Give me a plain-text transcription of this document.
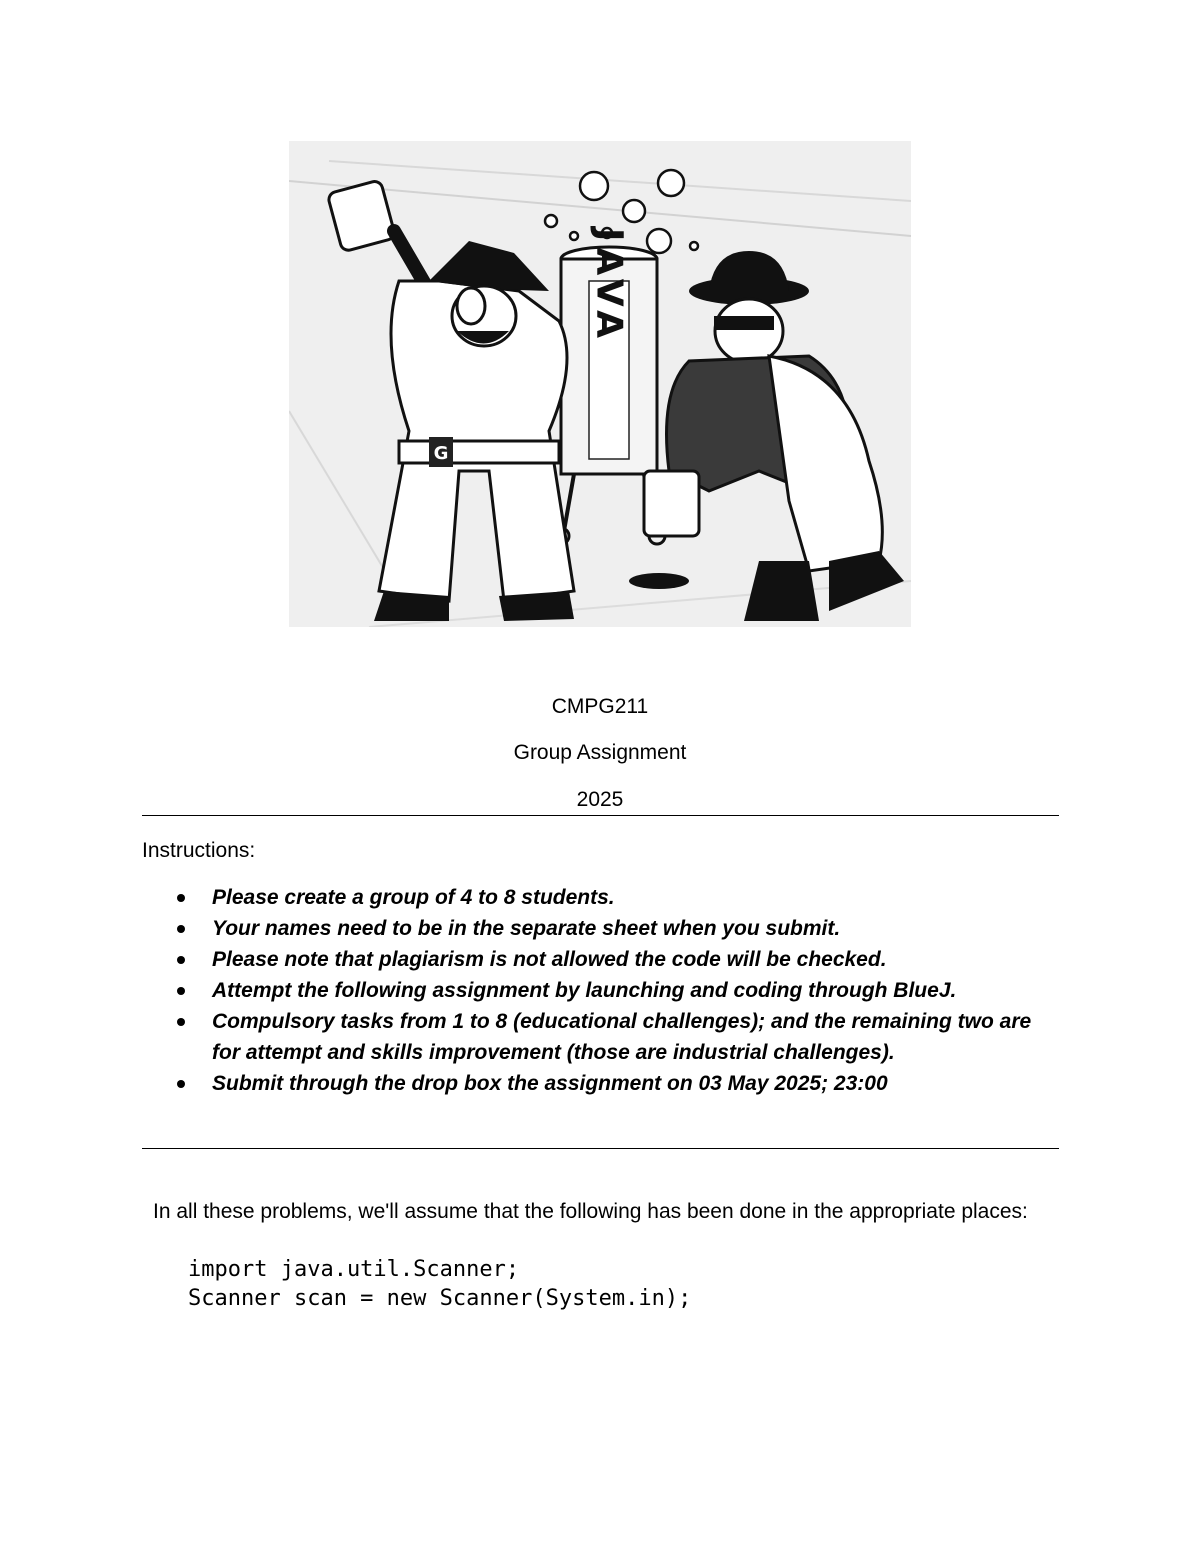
JAVA
G
CMPG211
Group Assignment
2025
Instructions:
Please create a group of 4 to 8 students.
Your names need to be in the separate sheet when you submit.
Please note that plagiarism is not allowed the code will be checked.
Attempt the following assignment by launching and coding through BlueJ.
Compulsory tasks from 1 to 8 (educational challenges); and the remaining two are for attempt and skills improvement (those are industrial challenges).
Submit through the drop box the assignment on 03 May 2025; 23:00
In all these problems, we'll assume that the following has been done in the appropriate places:
import java.util.Scanner;
Scanner scan = new Scanner(System.in);
